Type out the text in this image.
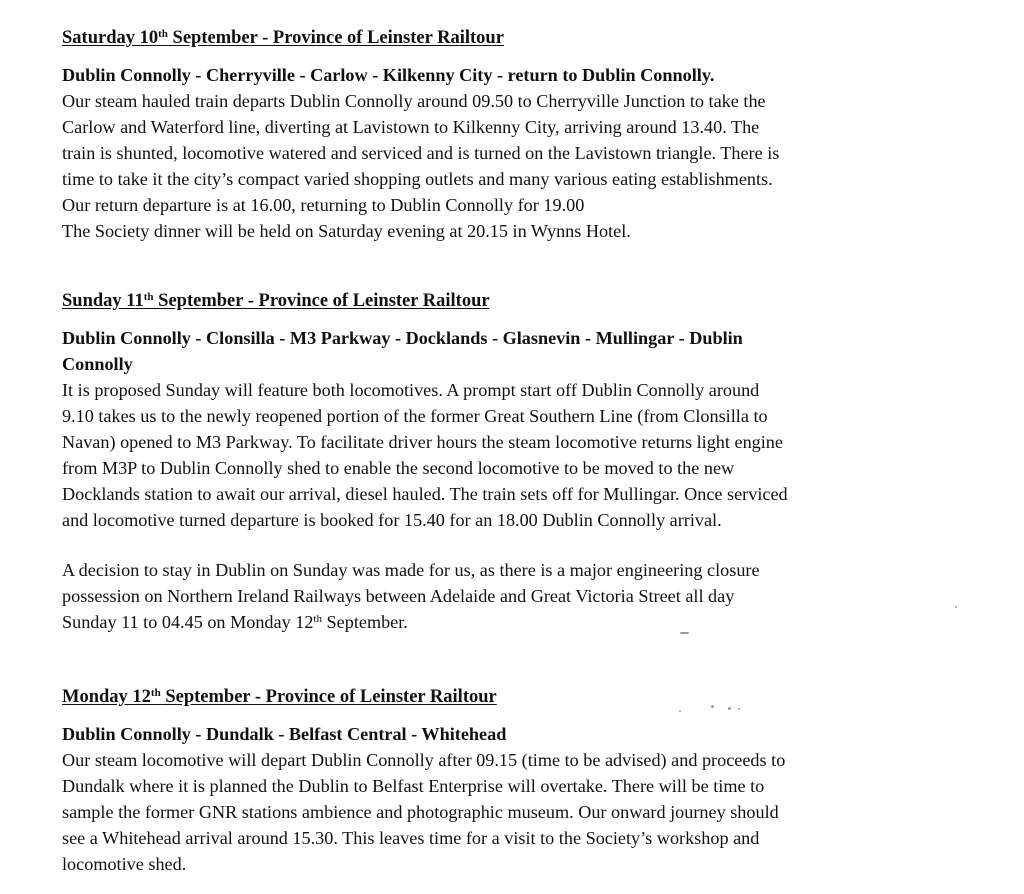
Saturday 10th September - Province of Leinster Railtour

Dublin Connolly - Cherryville - Carlow - Kilkenny City - return to Dublin Connolly.

Our steam hauled train departs Dublin Connolly around 09.50 to Cherryville Junction to take the

Carlow and Waterford line, diverting at Lavistown to Kilkenny City, arriving around 13.40. The

train is shunted, locomotive watered and serviced and is turned on the Lavistown triangle. There is

time to take it the city’s compact varied shopping outlets and many various eating establishments.

Our return departure is at 16.00, returning to Dublin Connolly for 19.00

The Society dinner will be held on Saturday evening at 20.15 in Wynns Hotel.

Sunday 11th September - Province of Leinster Railtour

Dublin Connolly - Clonsilla - M3 Parkway - Docklands - Glasnevin - Mullingar - Dublin

Connolly

It is proposed Sunday will feature both locomotives. A prompt start off Dublin Connolly around

9.10 takes us to the newly reopened portion of the former Great Southern Line (from Clonsilla to

Navan) opened to M3 Parkway. To facilitate driver hours the steam locomotive returns light engine

from M3P to Dublin Connolly shed to enable the second locomotive to be moved to the new

Docklands station to await our arrival, diesel hauled. The train sets off for Mullingar. Once serviced

and locomotive turned departure is booked for 15.40 for an 18.00 Dublin Connolly arrival.

A decision to stay in Dublin on Sunday was made for us, as there is a major engineering closure

possession on Northern Ireland Railways between Adelaide and Great Victoria Street all day

Sunday 11 to 04.45 on Monday 12th September.

Monday 12th September - Province of Leinster Railtour

Dublin Connolly - Dundalk - Belfast Central - Whitehead

Our steam locomotive will depart Dublin Connolly after 09.15 (time to be advised) and proceeds to

Dundalk where it is planned the Dublin to Belfast Enterprise will overtake. There will be time to

sample the former GNR stations ambience and photographic museum. Our onward journey should

see a Whitehead arrival around 15.30. This leaves time for a visit to the Society’s workshop and

locomotive shed.
